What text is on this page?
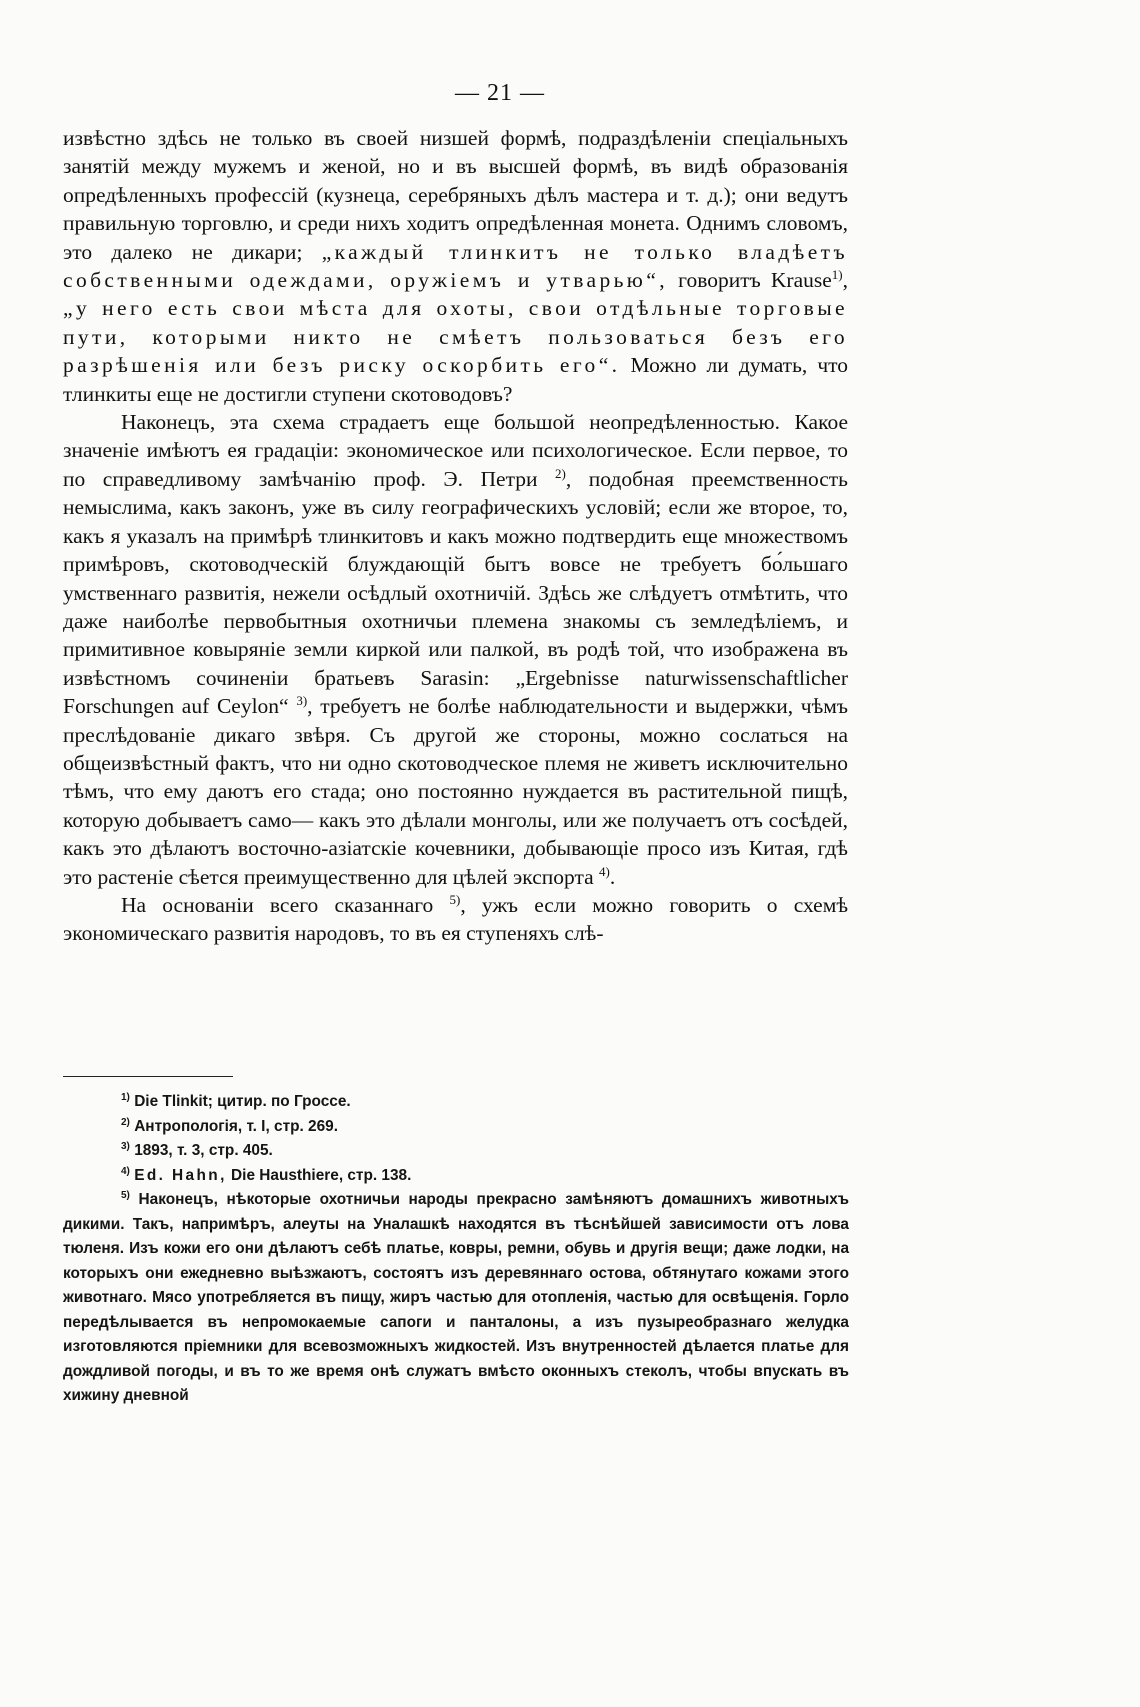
— 21 —

извѣстно здѣсь не только въ своей низшей формѣ, подраздѣленіи спеціальныхъ занятій между мужемъ и женой, но и въ высшей формѣ, въ видѣ образованія опредѣленныхъ профессій (кузнеца, серебряныхъ дѣлъ мастера и т. д.); они ведутъ правильную торговлю, и среди нихъ ходитъ опредѣленная монета. Однимъ словомъ, это далеко не дикари; „каждый тлинкитъ не только владѣетъ собственными одеждами, оружіемъ и утварью“, говоритъ Krause$^{1)}$, „у него есть свои мѣста для охоты, свои отдѣльные торговые пути, которыми никто не смѣетъ пользоваться безъ его разрѣшенія или безъ риску оскорбить его“. Можно ли думать, что тлинкиты еще не достигли ступени скотоводовъ?

Наконецъ, эта схема страдаетъ еще большой неопредѣленностью. Какое значеніе имѣютъ ея градаціи: экономическое или психологическое. Если первое, то по справедливому замѣчанію проф. Э. Петри $^{2)}$, подобная преемственность немыслима, какъ законъ, уже въ силу географическихъ условій; если же второе, то, какъ я указалъ на примѣрѣ тлинкитовъ и какъ можно подтвердить еще множествомъ примѣровъ, скотоводческій блуждающій бытъ вовсе не требуетъ бо́льшаго умственнаго развитія, нежели осѣдлый охотничій. Здѣсь же слѣдуетъ отмѣтить, что даже наиболѣе первобытныя охотничьи племена знакомы съ земледѣліемъ, и примитивное ковыряніе земли киркой или палкой, въ родѣ той, что изображена въ извѣстномъ сочиненіи братьевъ Sarasin: „Ergebnisse naturwissenschaftlicher Forschungen auf Ceylon“ $^{3)}$, требуетъ не болѣе наблюдательности и выдержки, чѣмъ преслѣдованіе дикаго звѣря. Съ другой же стороны, можно сослаться на общеизвѣстный фактъ, что ни одно скотоводческое племя не живетъ исключительно тѣмъ, что ему даютъ его стада; оно постоянно нуждается въ растительной пищѣ, которую добываетъ само— какъ это дѣлали монголы, или же получаетъ отъ сосѣдей, какъ это дѣлаютъ восточно-азіатскіе кочевники, добывающіе просо изъ Китая, гдѣ это растеніе сѣется преимущественно для цѣлей экспорта $^{4)}$.

На основаніи всего сказаннаго $^{5)}$, ужъ если можно говорить о схемѣ экономическаго развитія народовъ, то въ ея ступеняхъ слѣ-

$^{1)}$ Die Tlinkit; цитир. по Гроссе.

$^{2)}$ Антропологія, т. I, стр. 269.

$^{3)}$ 1893, т. 3, стр. 405.

$^{4)}$ Ed. Hahn, Die Hausthiere, стр. 138.

$^{5)}$ Наконецъ, нѣкоторые охотничьи народы прекрасно замѣняютъ домашнихъ животныхъ дикими. Такъ, напримѣръ, алеуты на Уналашкѣ находятся въ тѣснѣйшей зависимости отъ лова тюленя. Изъ кожи его они дѣлаютъ себѣ платье, ковры, ремни, обувь и другія вещи; даже лодки, на которыхъ они ежедневно выѣзжаютъ, состоятъ изъ деревяннаго остова, обтянутаго кожами этого животнаго. Мясо употребляется въ пищу, жиръ частью для отопленія, частью для освѣщенія. Горло передѣлывается въ непромокаемые сапоги и панталоны, а изъ пузыреобразнаго желудка изготовляются пріемники для всевозможныхъ жидкостей. Изъ внутренностей дѣлается платье для дождливой погоды, и въ то же время онѣ служатъ вмѣсто оконныхъ стеколъ, чтобы впускать въ хижину дневной
